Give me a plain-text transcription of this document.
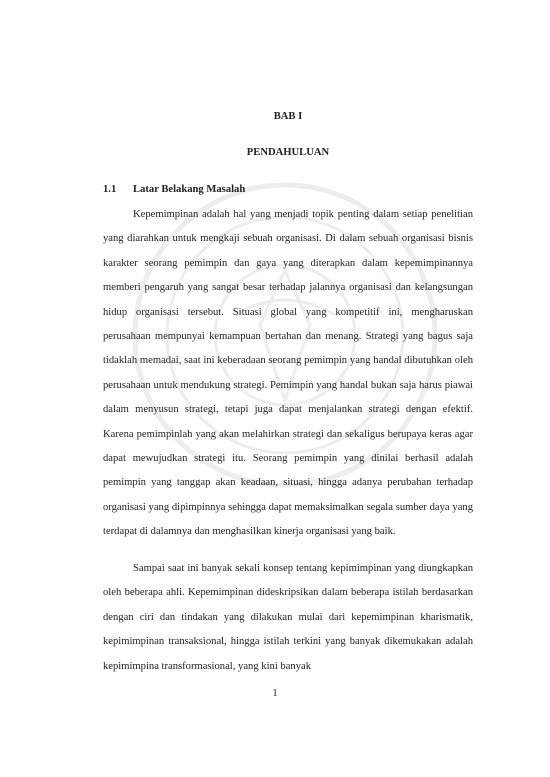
BAB I
PENDAHULUAN
1.1 Latar Belakang Masalah

Kepemimpinan adalah hal yang menjadi topik penting dalam setiap penelitian yang diarahkan untuk mengkaji sebuah organisasi. Di dalam sebuah organisasi bisnis karakter seorang pemimpin dan gaya yang diterapkan dalam kepemimpinannya memberi pengaruh yang sangat besar terhadap jalannya organisasi dan kelangsungan hidup organisasi tersebut. Situasi global yang kompetitif ini, mengharuskan perusahaan mempunyai kemampuan bertahan dan menang. Strategi yang bagus saja tidaklah memadai, saat ini keberadaan seorang pemimpin yang handal dibutuhkan oleh perusahaan untuk mendukung strategi. Pemimpin yang handal bukan saja harus piawai dalam menyusun strategi, tetapi juga dapat menjalankan strategi dengan efektif. Karena pemimpinlah yang akan melahirkan strategi dan sekaligus berupaya keras agar dapat mewujudkan strategi itu. Seorang pemimpin yang dinilai berhasil adalah pemimpin yang tanggap akan keadaan, situasi, hingga adanya perubahan terhadap organisasi yang dipimpinnya sehingga dapat memaksimalkan segala sumber daya yang terdapat di dalamnya dan menghasilkan kinerja organisasi yang baik.

Sampai saat ini banyak sekali konsep tentang kepimimpinan yang diungkapkan oleh beberapa ahli. Kepemimpinan dideskripsikan dalam beberapa istilah berdasarkan dengan ciri dan tindakan yang dilakukan mulai dari kepemimpinan kharismatik, kepimimpinan transaksional, hingga istilah terkini yang banyak dikemukakan adalah kepimimpina transformasional, yang kini banyak

1
